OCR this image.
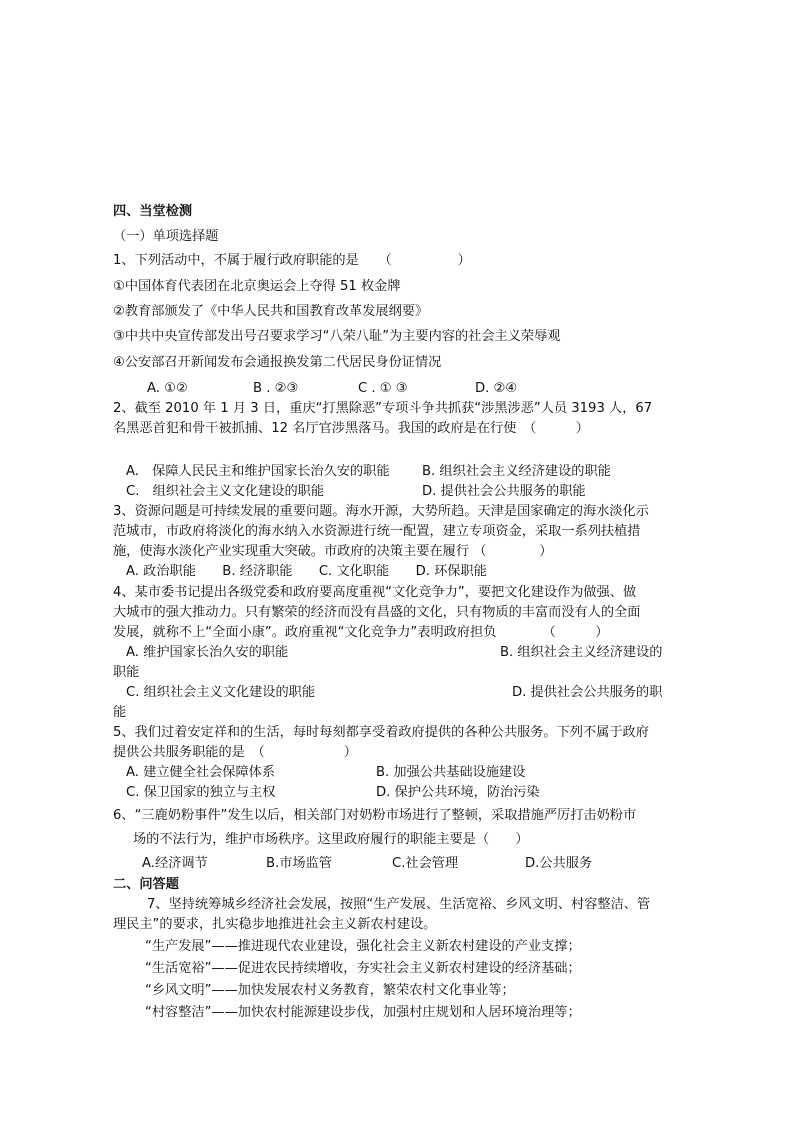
四、当堂检测
（一）单项选择题
1、下列活动中，不属于履行政府职能的是　　（　　　　　）
①中国体育代表团在北京奥运会上夺得 51 枚金牌
②教育部颁发了《中华人民共和国教育改革发展纲要》
③中共中央宣传部发出号召要求学习“八荣八耻”为主要内容的社会主义荣辱观
④公安部召开新闻发布会通报换发第二代居民身份证情况
A. ①②	B . ②③	C . ① ③	D. ②④
2、截至 2010 年 1 月 3 日，重庆“打黑除恶”专项斗争共抓获“涉黑涉恶”人员 3193 人，67
名黑恶首犯和骨干被抓捕、12 名厅官涉黑落马。我国的政府是在行使　（　　　）
A.　保障人民民主和维护国家长治久安的职能 B. 组织社会主义经济建设的职能
C.　组织社会主义文化建设的职能	D. 提供社会公共服务的职能
3、资源问题是可持续发展的重要问题。海水开源，大势所趋。天津是国家确定的海水淡化示
范城市，市政府将淡化的海水纳入水资源进行统一配置，建立专项资金，采取一系列扶植措
施，使海水淡化产业实现重大突破。市政府的决策主要在履行 （　　　　）
A. 政治职能　　B. 经济职能　　C. 文化职能　　D. 环保职能
4、某市委书记提出各级党委和政府要高度重视“文化竞争力”，要把文化建设作为做强、做
大城市的强大推动力。只有繁荣的经济而没有昌盛的文化，只有物质的丰富而没有人的全面
发展，就称不上“全面小康”。政府重视“文化竞争力”表明政府担负　　　　（　　　）
A. 维护国家长治久安的职能	B. 组织社会主义经济建设的
职能
C. 组织社会主义文化建设的职能	D. 提供社会公共服务的职
能
5、我们过着安定祥和的生活，每时每刻都享受着政府提供的各种公共服务。下列不属于政府
提供公共服务职能的是　（　　　　　　）
A. 建立健全社会保障体系	B. 加强公共基础设施建设
C. 保卫国家的独立与主权	D. 保护公共环境，防治污染
6、“三鹿奶粉事件”发生以后，相关部门对奶粉市场进行了整顿，采取措施严厉打击奶粉市
场的不法行为，维护市场秩序。这里政府履行的职能主要是（　　）
A.经济调节	B.市场监管	C.社会管理	D.公共服务
二、问答题
7、坚持统筹城乡经济社会发展，按照“生产发展、生活宽裕、乡风文明、村容整洁、管
理民主”的要求，扎实稳步地推进社会主义新农村建设。
“生产发展”——推进现代农业建设，强化社会主义新农村建设的产业支撑；
“生活宽裕”——促进农民持续增收，夯实社会主义新农村建设的经济基础；
“乡风文明”——加快发展农村义务教育，繁荣农村文化事业等；
“村容整洁”——加快农村能源建设步伐，加强村庄规划和人居环境治理等；
